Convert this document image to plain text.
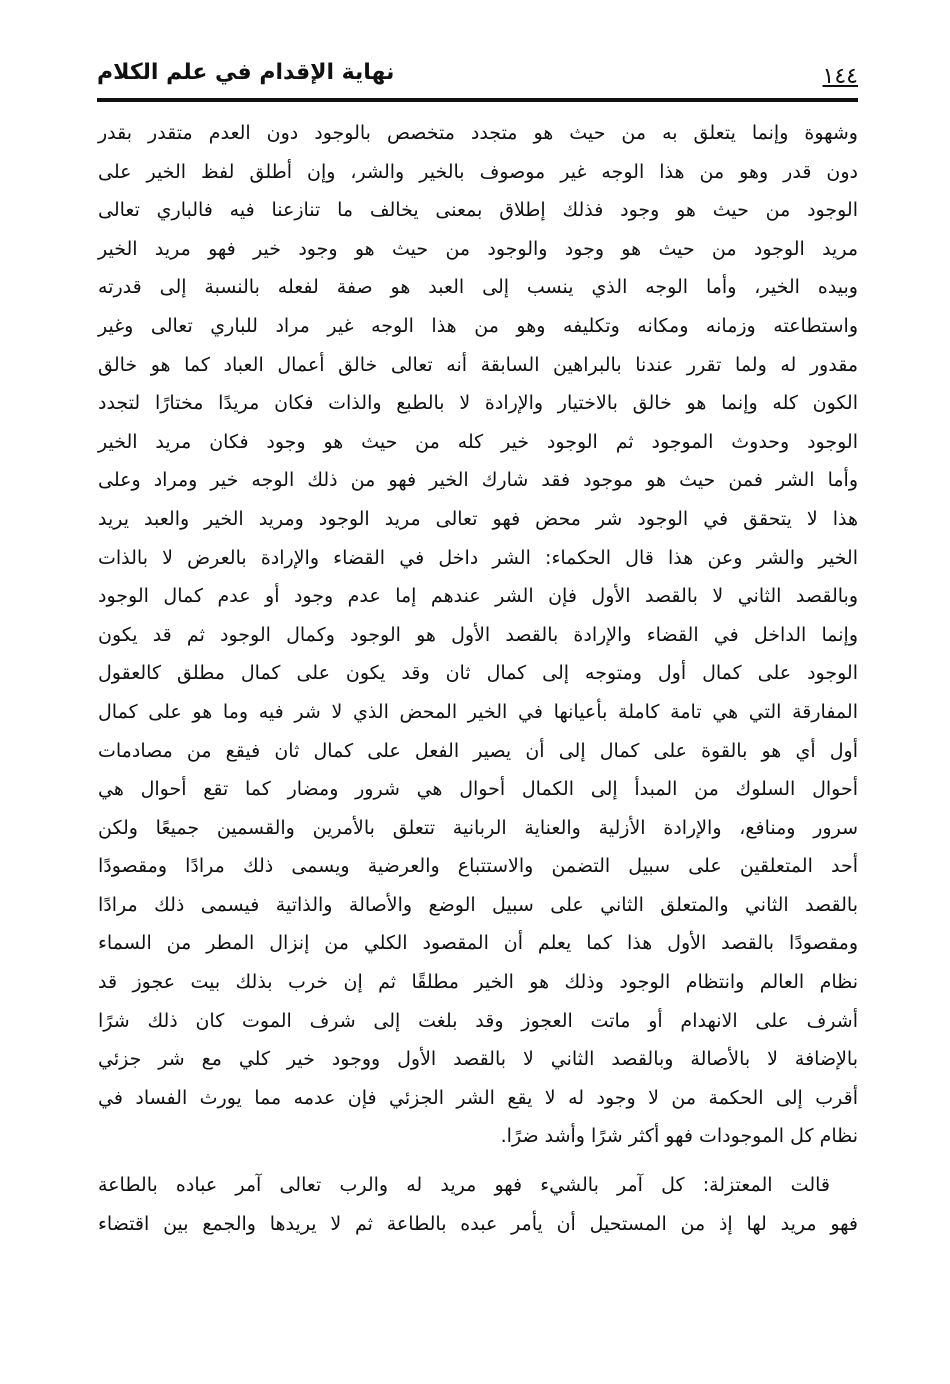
نهاية الإقدام في علم الكلام	١٤٤
وشهوة وإنما يتعلق به من حيث هو متجدد متخصص بالوجود دون العدم متقدر بقدر
دون قدر وهو من هذا الوجه غير موصوف بالخير والشر، وإن أطلق لفظ الخير على
الوجود من حيث هو وجود فذلك إطلاق بمعنى يخالف ما تنازعنا فيه فالباري تعالى
مريد الوجود من حيث هو وجود والوجود من حيث هو وجود خير فهو مريد الخير
وبيده الخير، وأما الوجه الذي ينسب إلى العبد هو صفة لفعله بالنسبة إلى قدرته
واستطاعته وزمانه ومكانه وتكليفه وهو من هذا الوجه غير مراد للباري تعالى وغير
مقدور له ولما تقرر عندنا بالبراهين السابقة أنه تعالى خالق أعمال العباد كما هو خالق
الكون كله وإنما هو خالق بالاختيار والإرادة لا بالطبع والذات فكان مريدًا مختارًا لتجدد
الوجود وحدوث الموجود ثم الوجود خير كله من حيث هو وجود فكان مريد الخير
وأما الشر فمن حيث هو موجود فقد شارك الخير فهو من ذلك الوجه خير ومراد وعلى
هذا لا يتحقق في الوجود شر محض فهو تعالى مريد الوجود ومريد الخير والعبد يريد
الخير والشر وعن هذا قال الحكماء: الشر داخل في القضاء والإرادة بالعرض لا بالذات
وبالقصد الثاني لا بالقصد الأول فإن الشر عندهم إما عدم وجود أو عدم كمال الوجود
وإنما الداخل في القضاء والإرادة بالقصد الأول هو الوجود وكمال الوجود ثم قد يكون
الوجود على كمال أول ومتوجه إلى كمال ثان وقد يكون على كمال مطلق كالعقول
المفارقة التي هي تامة كاملة بأعيانها في الخير المحض الذي لا شر فيه وما هو على كمال
أول أي هو بالقوة على كمال إلى أن يصير الفعل على كمال ثان فيقع من مصادمات
أحوال السلوك من المبدأ إلى الكمال أحوال هي شرور ومضار كما تقع أحوال هي
سرور ومنافع، والإرادة الأزلية والعناية الربانية تتعلق بالأمرين والقسمين جميعًا ولكن
أحد المتعلقين على سبيل التضمن والاستتباع والعرضية ويسمى ذلك مرادًا ومقصودًا
بالقصد الثاني والمتعلق الثاني على سبيل الوضع والأصالة والذاتية فيسمى ذلك مرادًا
ومقصودًا بالقصد الأول هذا كما يعلم أن المقصود الكلي من إنزال المطر من السماء
نظام العالم وانتظام الوجود وذلك هو الخير مطلقًا ثم إن خرب بذلك بيت عجوز قد
أشرف على الانهدام أو ماتت العجوز وقد بلغت إلى شرف الموت كان ذلك شرًا
بالإضافة لا بالأصالة وبالقصد الثاني لا بالقصد الأول ووجود خير كلي مع شر جزئي
أقرب إلى الحكمة من لا وجود له لا يقع الشر الجزئي فإن عدمه مما يورث الفساد في
نظام كل الموجودات فهو أكثر شرًا وأشد ضرًا.
قالت المعتزلة: كل آمر بالشيء فهو مريد له والرب تعالى آمر عباده بالطاعة
فهو مريد لها إذ من المستحيل أن يأمر عبده بالطاعة ثم لا يريدها والجمع بين اقتضاء
